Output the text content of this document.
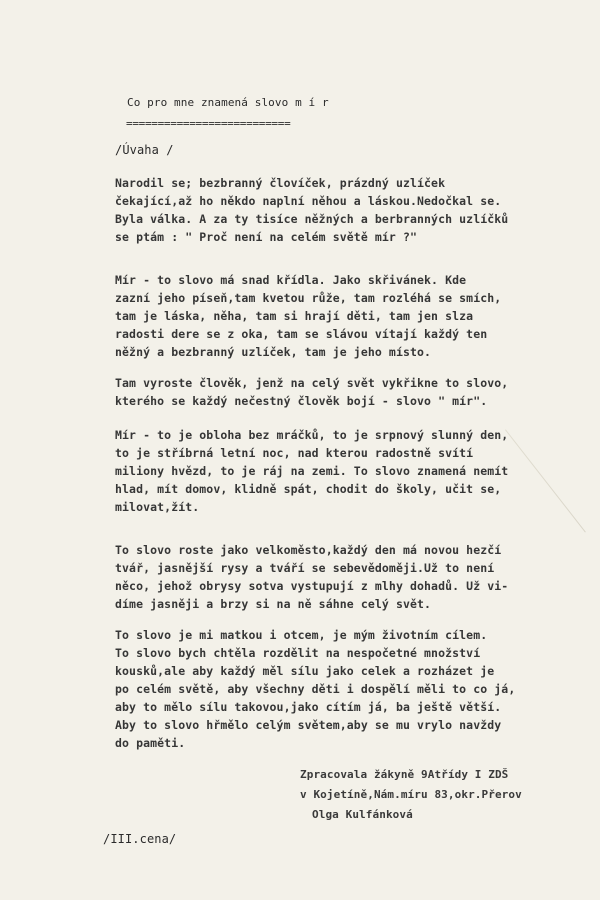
Co pro mne znamená slovo m í r
==========================
/Úvaha /
Narodil se; bezbranný človíček, prázdný uzlíček
čekající,až ho někdo naplní něhou a láskou.Nedočkal se.
Byla válka. A za ty tisíce něžných a berbranných uzlíčků
se ptám : " Proč není na celém světě mír ?"
Mír - to slovo má snad křídla. Jako skřivánek. Kde
zazní jeho píseň,tam kvetou růže, tam rozléhá se smích,
tam je láska, něha, tam si hrají děti, tam jen slza
radosti dere se z oka, tam se slávou vítají každý ten
něžný a bezbranný uzlíček, tam je jeho místo.
Tam vyroste člověk, jenž na celý svět vykřikne to slovo,
kterého se každý nečestný člověk bojí - slovo " mír".
Mír - to je obloha bez mráčků, to je srpnový slunný den,
to je stříbrná letní noc, nad kterou radostně svítí
miliony hvězd, to je ráj na zemi. To slovo znamená nemít
hlad, mít domov, klidně spát, chodit do školy, učit se,
milovat,žít.
To slovo roste jako velkoměsto,každý den má novou hezčí
tvář, jasnější rysy a tváří se sebevědoměji.Už to není
něco, jehož obrysy sotva vystupují z mlhy dohadů. Už vi-
díme jasněji a brzy si na ně sáhne celý svět.
To slovo je mi matkou i otcem, je mým životním cílem.
To slovo bych chtěla rozdělit na nespočetné množství
kousků,ale aby každý měl sílu jako celek a rozházet je
po celém světě, aby všechny děti i dospělí měli to co já,
aby to mělo sílu takovou,jako cítím já, ba ještě větší.
Aby to slovo hřmělo celým světem,aby se mu vrylo navždy
do paměti.
Zpracovala žákyně 9Atřídy I ZDŠ
v Kojetíně,Nám.míru 83,okr.Přerov
Olga Kulfánková
/III.cena/
